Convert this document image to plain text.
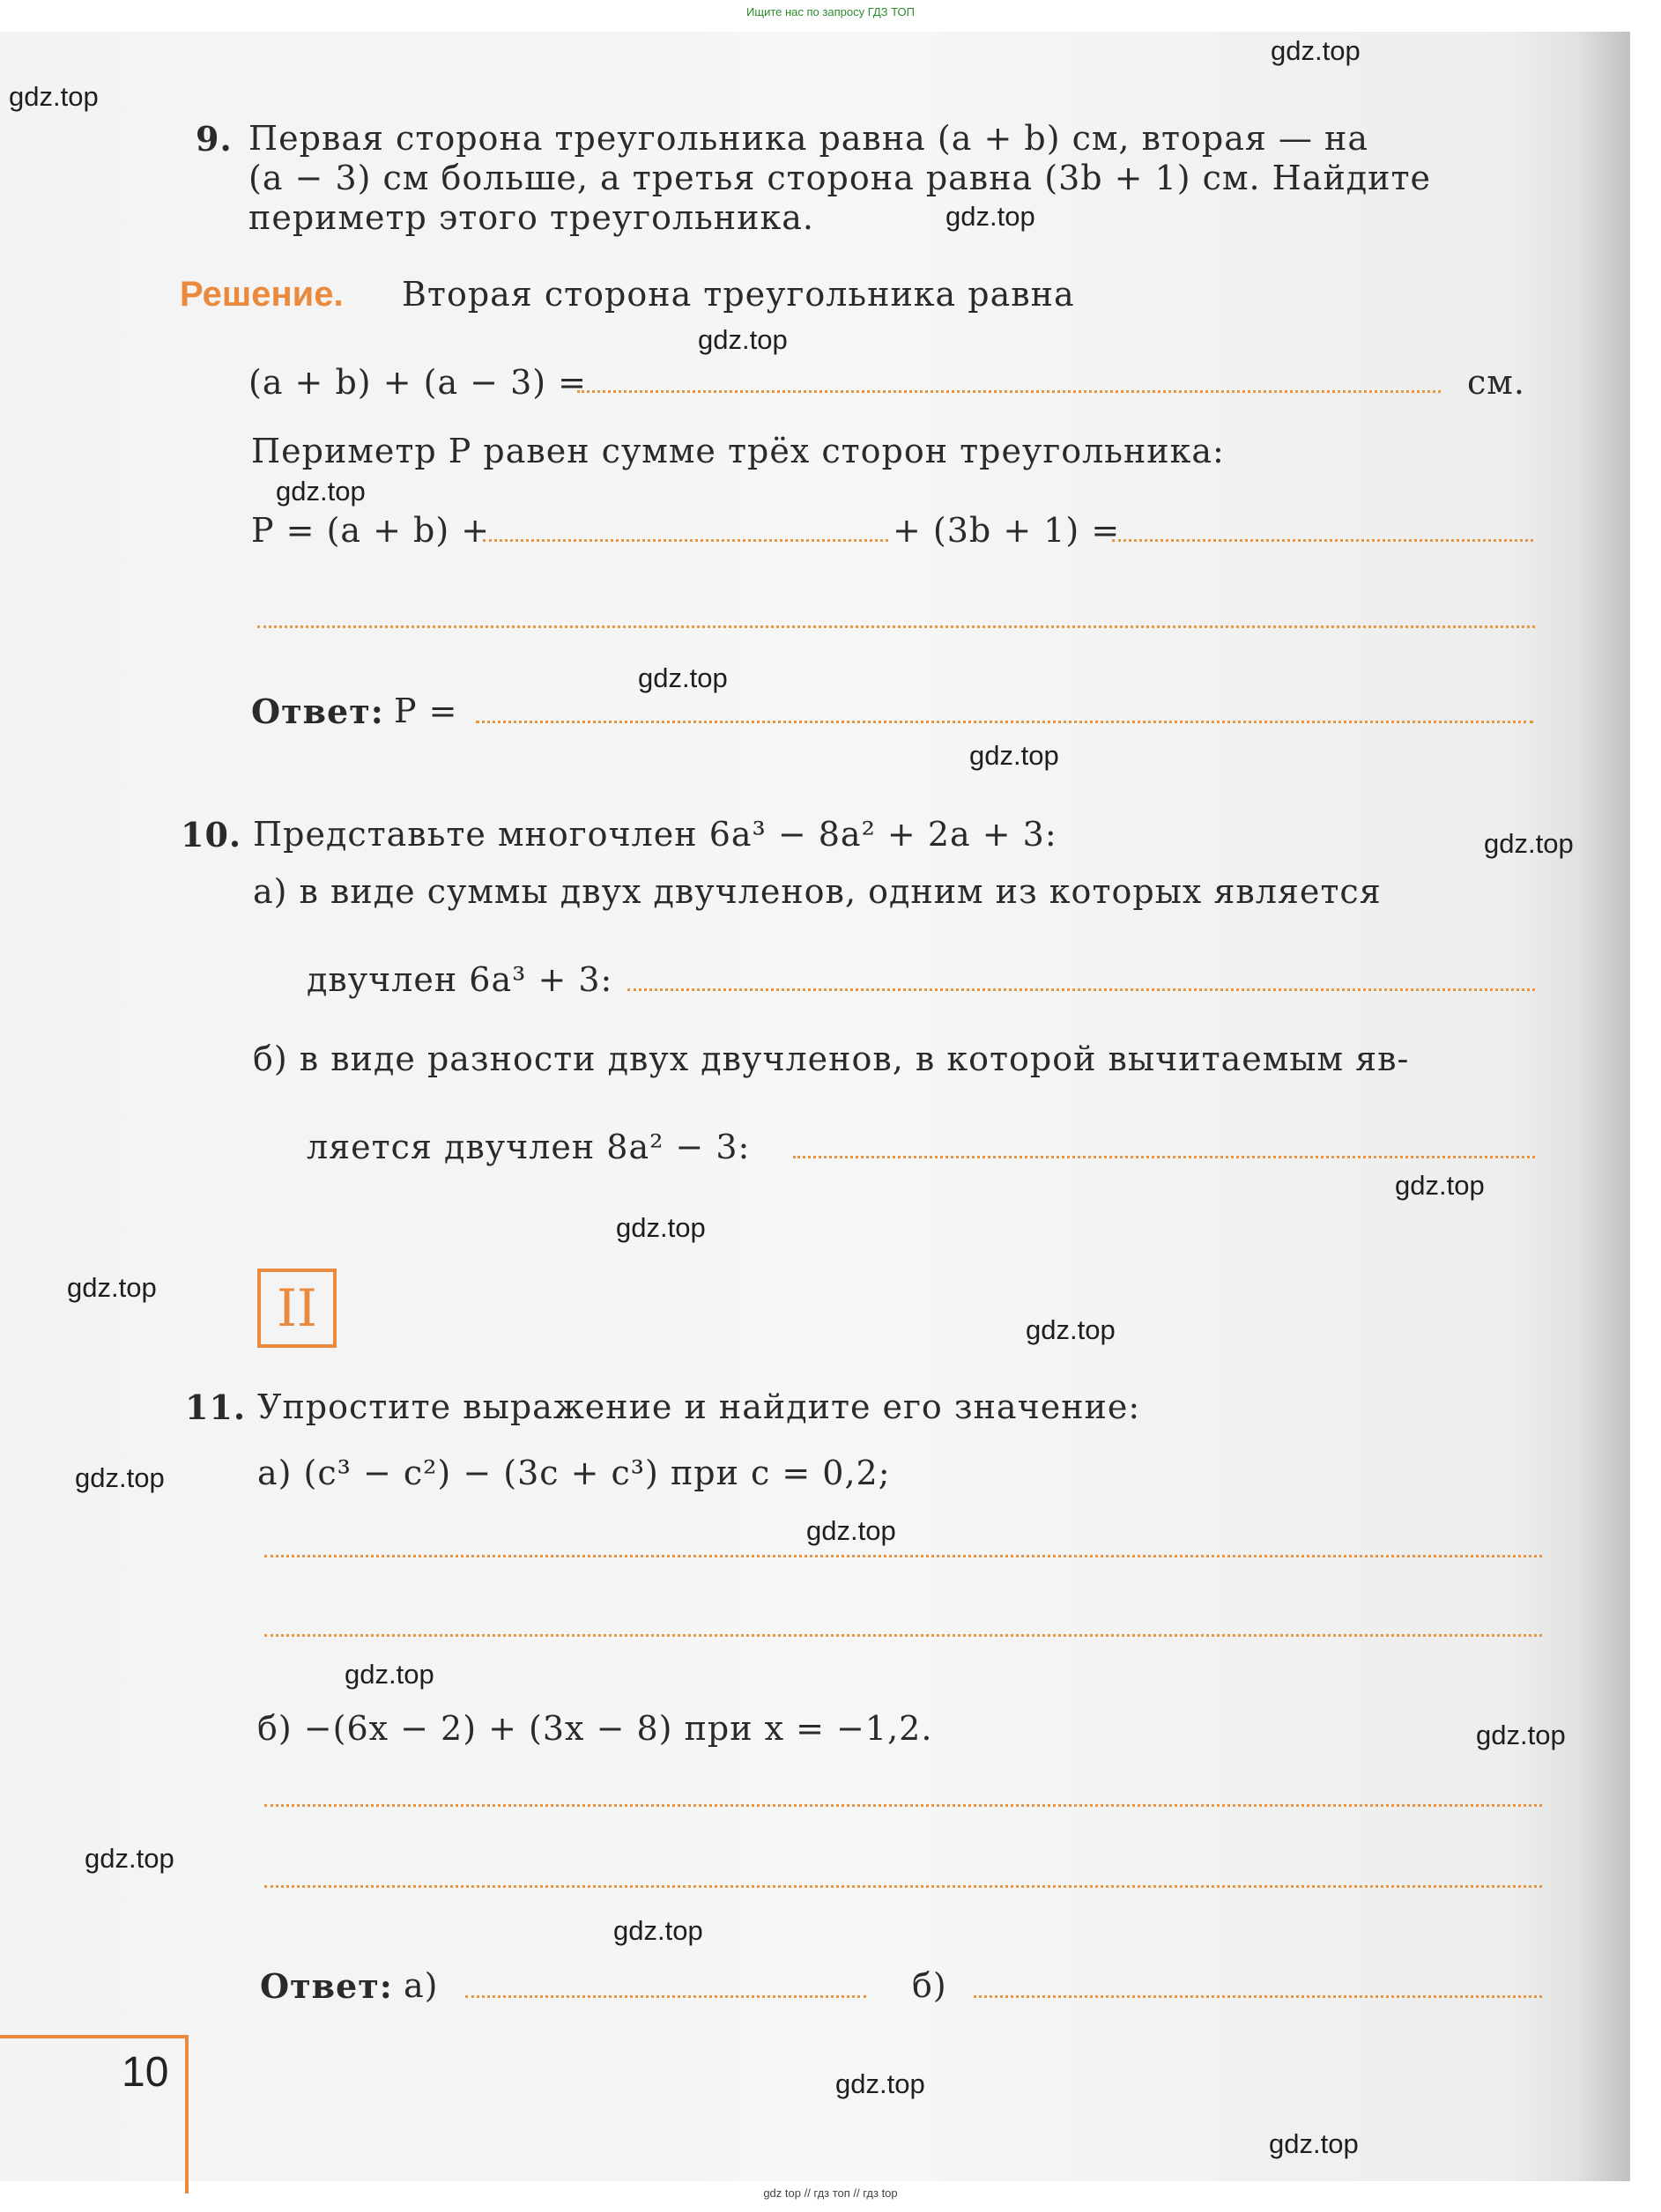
Ищите нас по запросу ГДЗ ТОП
gdz.top
gdz.top
gdz.top
gdz.top
gdz.top
gdz.top
gdz.top
gdz.top
gdz.top
gdz.top
gdz.top
gdz.top
gdz.top
gdz.top
gdz.top
gdz.top
gdz.top
gdz.top
gdz.top
gdz.top
9. Первая сторона треугольника равна (a + b) см, вторая — на
(a − 3) см больше, а третья сторона равна (3b + 1) см. Найдите
периметр этого треугольника.
Решение. Вторая сторона треугольника равна
(a + b) + (a − 3) =	см.
Периметр P равен сумме трёх сторон треугольника:
P = (a + b) +	+ (3b + 1) =
Ответ: P =
10. Представьте многочлен 6a³ − 8a² + 2a + 3:
а) в виде суммы двух двучленов, одним из которых является
двучлен 6a³ + 3:
б) в виде разности двух двучленов, в которой вычитаемым яв-
ляется двучлен 8a² − 3:
II
11. Упростите выражение и найдите его значение:
а) (c³ − c²) − (3c + c³) при c = 0,2;
б) −(6x − 2) + (3x − 8) при x = −1,2.
Ответ: а)	б)
10
gdz top // гдз топ // гдз top
